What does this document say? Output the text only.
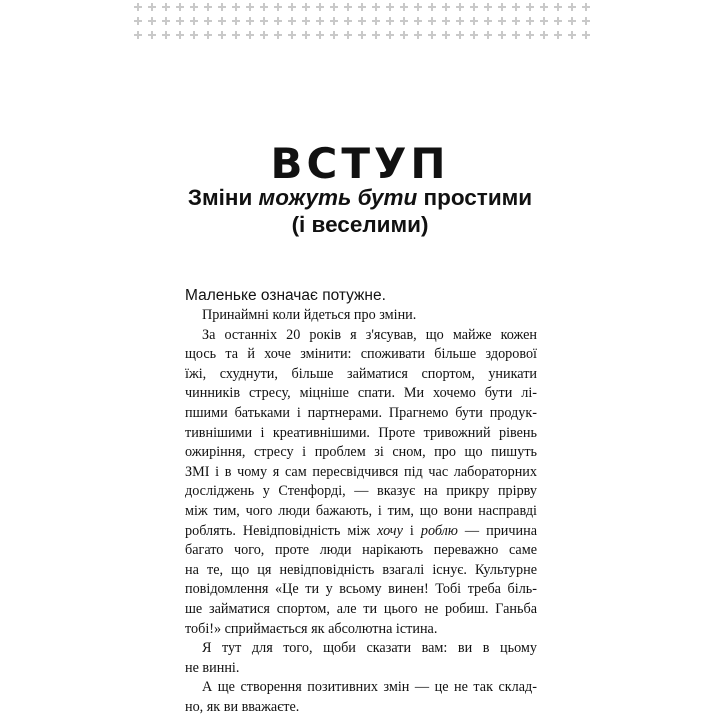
ВСТУП
Зміни можуть бути простими
(і веселими)

Маленьке означає потужне.

Принаймні коли йдеться про зміни.
За останніх 20 років я з'ясував, що майже кожен
щось та й хоче змінити: споживати більше здорової
їжі, схуднути, більше займатися спортом, уникати
чинників стресу, міцніше спати. Ми хочемо бути лі-
пшими батьками і партнерами. Прагнемо бути продук-
тивнішими і креативнішими. Проте тривожний рівень
ожиріння, стресу і проблем зі сном, про що пишуть
ЗМІ і в чому я сам пересвідчився під час лабораторних
досліджень у Стенфорді, — вказує на прикру прірву
між тим, чого люди бажають, і тим, що вони насправді
роблять. Невідповідність між хочу і роблю — причина
багато чого, проте люди нарікають переважно саме
на те, що ця невідповідність взагалі існує. Культурне
повідомлення «Це ти у всьому винен! Тобі треба біль-
ше займатися спортом, але ти цього не робиш. Ганьба
тобі!» сприймається як абсолютна істина.
Я тут для того, щоби сказати вам: ви в цьому
не винні.
А ще створення позитивних змін — це не так склад-
но, як ви вважаєте.
